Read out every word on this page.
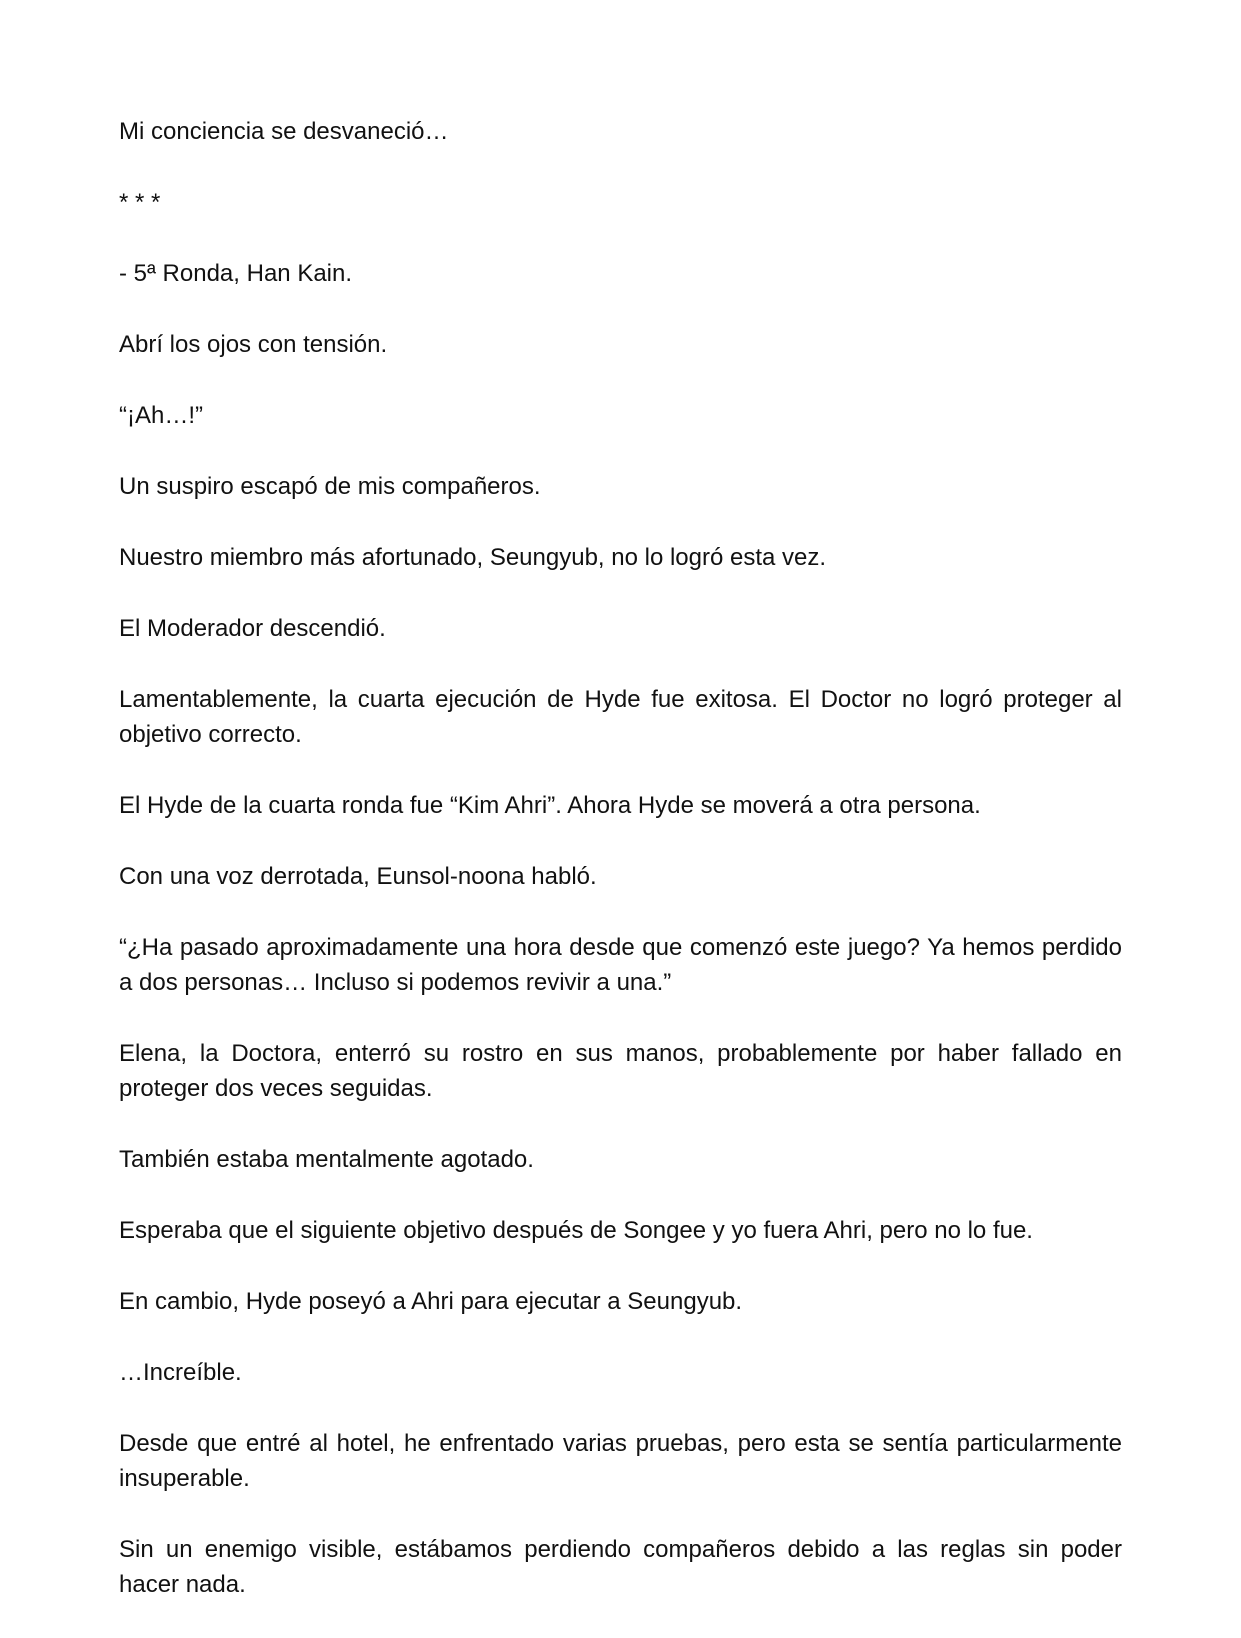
Mi conciencia se desvaneció…

* * *

- 5ª Ronda, Han Kain.

Abrí los ojos con tensión.

“¡Ah…!”

Un suspiro escapó de mis compañeros.

Nuestro miembro más afortunado, Seungyub, no lo logró esta vez.

El Moderador descendió.

Lamentablemente, la cuarta ejecución de Hyde fue exitosa. El Doctor no logró proteger al objetivo correcto.

El Hyde de la cuarta ronda fue “Kim Ahri”. Ahora Hyde se moverá a otra persona.

Con una voz derrotada, Eunsol-noona habló.

“¿Ha pasado aproximadamente una hora desde que comenzó este juego? Ya hemos perdido a dos personas… Incluso si podemos revivir a una.”

Elena, la Doctora, enterró su rostro en sus manos, probablemente por haber fallado en proteger dos veces seguidas.

También estaba mentalmente agotado.

Esperaba que el siguiente objetivo después de Songee y yo fuera Ahri, pero no lo fue.

En cambio, Hyde poseyó a Ahri para ejecutar a Seungyub.

…Increíble.

Desde que entré al hotel, he enfrentado varias pruebas, pero esta se sentía particularmente insuperable.

Sin un enemigo visible, estábamos perdiendo compañeros debido a las reglas sin poder hacer nada.
